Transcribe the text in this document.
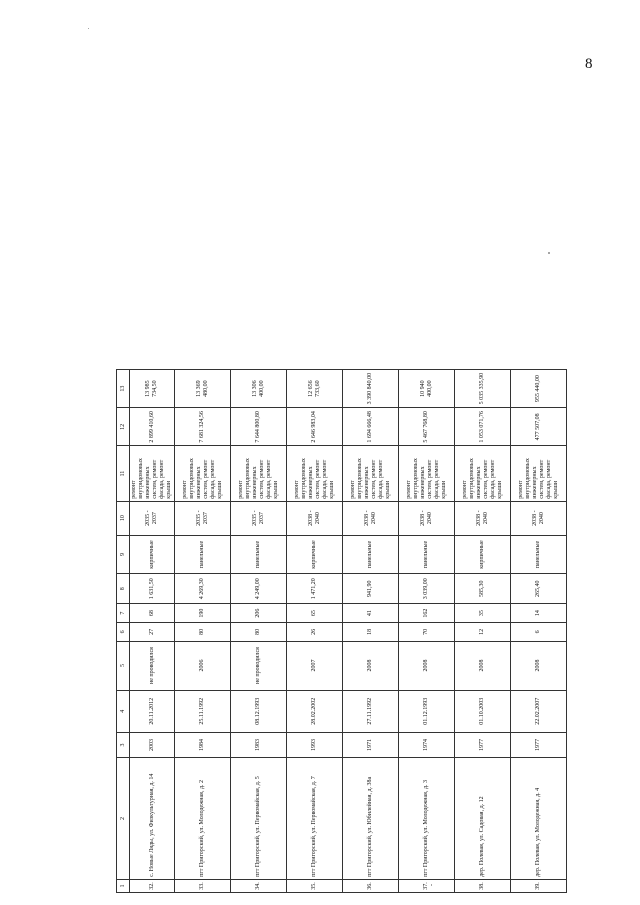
8
1	2	3	4	5	6	7	8	9	10	11	12	13
32.	с. Новые Ляды, ул. Физкультурная, д. 14	2003	20.11.2012	не проводился	27	68	1 631,50	кирпичные	2035 - 2037	ремонт внутридомовых инженерных систем, ремонт фасада, ремонт крыши	2 899 410,60	13 985 734,50
33.	пгт Пригорский, ул. Молодежная, д. 2	1984	25.11.1992	2006	80	190	4 269,30	панельные	2035 - 2037	ремонт внутридомовых инженерных систем, ремонт фасада, ремонт крыши	7 681 324,56	13 369 480,00
34.	пгт Пригорский, ул. Первомайская, д. 5	1983	08.12.1993	не проводился	80	206	4 249,00	панельные	2035 - 2037	ремонт внутридомовых инженерных систем, ремонт фасада, ремонт крыши	7 644 800,80	13 306 400,00
35.	пгт Пригорский, ул. Первомайская, д. 7	1993	28.02.2002	2007	26	65	1 471,20	кирпичные	2038 - 2040	ремонт внутридомовых инженерных систем, ремонт фасада, ремонт крыши	2 646 983,04	12 656 733,60
36.	пгт Пригорский, ул. Юбилейная, д. 38а	1971	27.11.1992	2008	18	41	941,90	панельные	2038 - 2040	ремонт внутридомовых инженерных систем, ремонт фасада, ремонт крыши	1 694 666,48	3 390 840,00
37.	пгт Пригорский, ул. Молодежная, д. 3	1974	01.12.1993	2008	70	162	3 039,00	панельные	2038 - 2040	ремонт внутридомовых инженерных систем, ремонт фасада, ремонт крыши	5 467 768,80	10 940 400,00
38.	дер. Полевая, ул. Садовая, д. 12	1977	01.10.2003	2008	12	35	585,30	кирпичные	2038 - 2040	ремонт внутридомовых инженерных систем, ремонт фасада, ремонт крыши	1 053 071,76	5 035 335,90
39.	дер. Полевая, ул. Молодежная, д. 4	1977	22.02.2007	2008	6	14	265,40	панельные	2038 - 2040	ремонт внутридомовых инженерных систем, ремонт фасада, ремонт крыши	477 507,08	955 440,00
